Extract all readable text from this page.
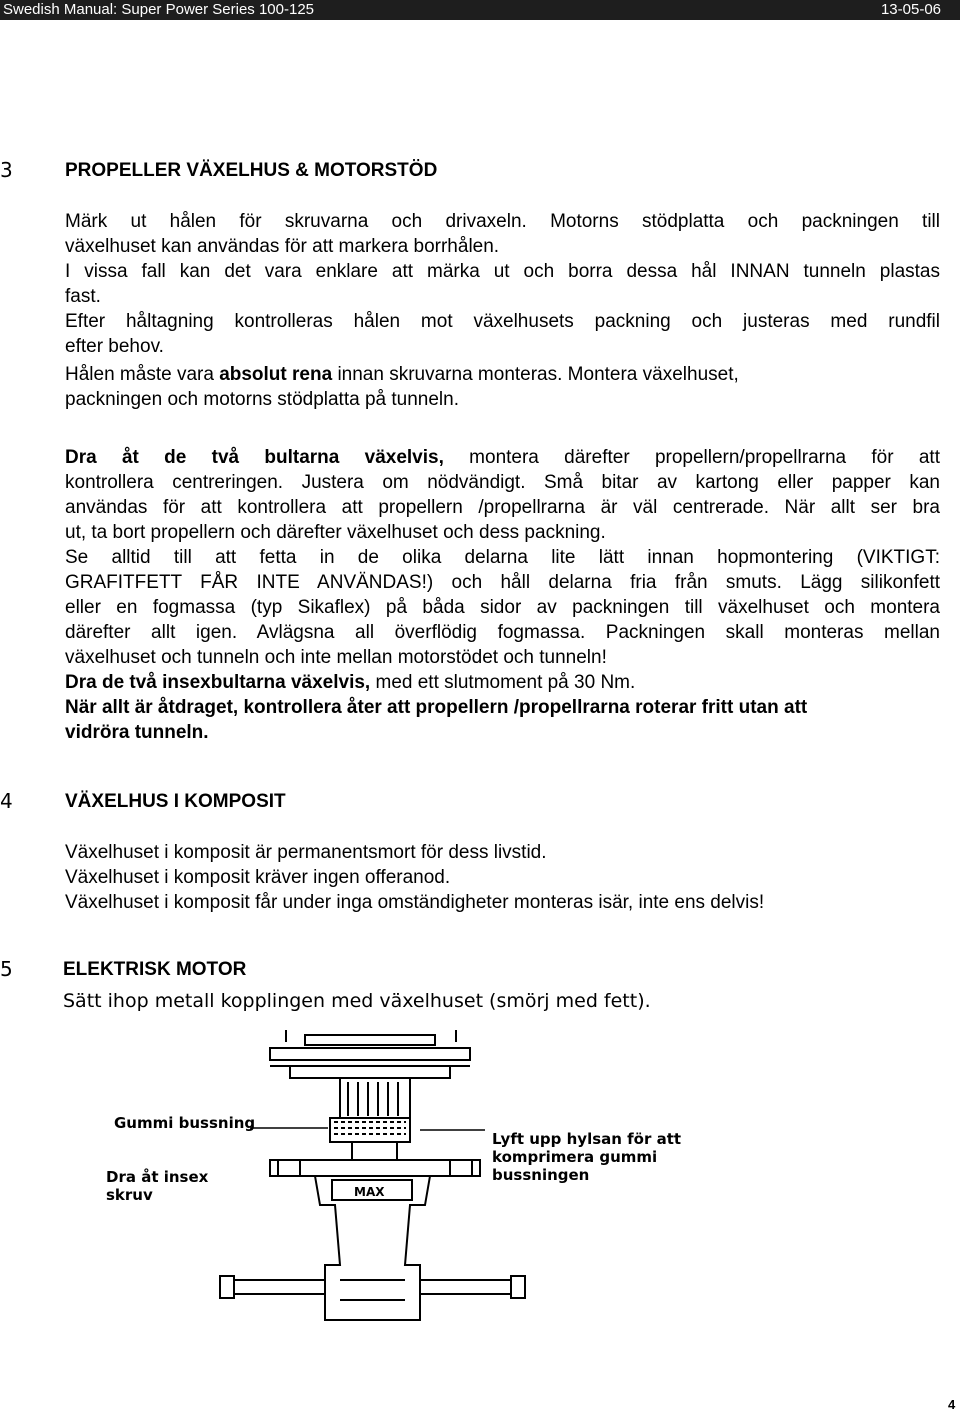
Swedish Manual: Super Power Series 100-125	13-05-06
3	PROPELLER VÄXELHUS & MOTORSTÖD
Märk ut hålen för skruvarna och drivaxeln. Motorns stödplatta och packningen till
växelhuset kan användas för att markera borrhålen.
I vissa fall kan det vara enklare att märka ut och borra dessa hål INNAN tunneln plastas
fast.
Efter håltagning kontrolleras hålen mot växelhusets packning och justeras med rundfil
efter behov.
Hålen måste vara absolut rena innan skruvarna monteras. Montera växelhuset,
packningen och motorns stödplatta på tunneln.
Dra åt de två bultarna växelvis, montera därefter propellern/propellrarna för att
kontrollera centreringen. Justera om nödvändigt. Små bitar av kartong eller papper kan
användas för att kontrollera att propellern /propellrarna är väl centrerade. När allt ser bra
ut, ta bort propellern och därefter växelhuset och dess packning.
Se alltid till att fetta in de olika delarna lite lätt innan hopmontering (VIKTIGT:
GRAFITFETT FÅR INTE ANVÄNDAS!) och håll delarna fria från smuts. Lägg silikonfett
eller en fogmassa (typ Sikaflex) på båda sidor av packningen till växelhuset och montera
därefter allt igen. Avlägsna all överflödig fogmassa. Packningen skall monteras mellan
växelhuset och tunneln och inte mellan motorstödet och tunneln!
Dra de två insexbultarna växelvis, med ett slutmoment på 30 Nm.
När allt är åtdraget, kontrollera åter att propellern /propellrarna roterar fritt utan att
vidröra tunneln.
4	VÄXELHUS I KOMPOSIT
Växelhuset i komposit är permanentsmort för dess livstid.
Växelhuset i komposit kräver ingen offeranod.
Växelhuset i komposit får under inga omständigheter monteras isär, inte ens delvis!
5	ELEKTRISK MOTOR
Sätt ihop metall kopplingen med växelhuset (smörj med fett).
MAX
Gummi bussning
Dra åt insex
skruv
Lyft upp hylsan för att
komprimera gummi
bussningen
4
